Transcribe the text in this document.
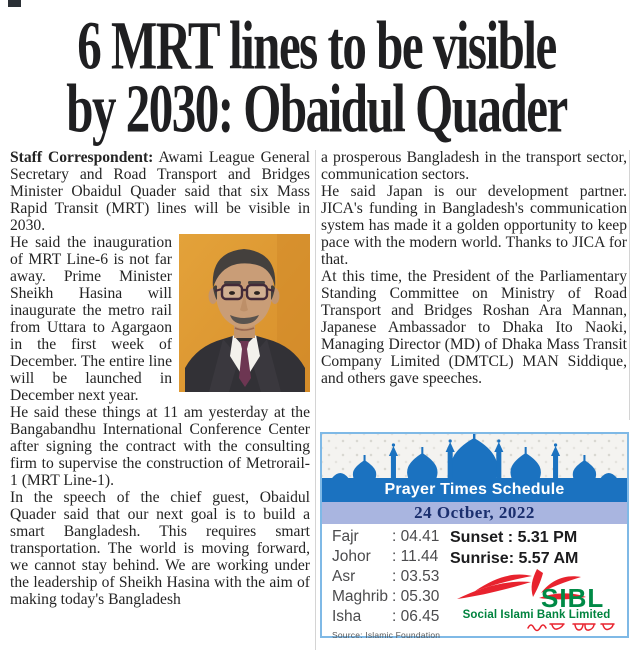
6 MRT lines to be visible
by 2030: Obaidul Quader

Staff Correspondent: Awami League General Secretary and Road Transport and Bridges Minister Obaidul Quader said that six Mass Rapid Transit (MRT) lines will be visible in 2030.

He said the inauguration of MRT Line-6 is not far away. Prime Minister Sheikh Hasina will inaugurate the metro rail from Uttara to Agargaon in the first week of December. The entire line will be launched in December next year.

He said these things at 11 am yesterday at the Bangabandhu International Conference Center after signing the contract with the consulting firm to supervise the construction of Metrorail-1 (MRT Line-1).

In the speech of the chief guest, Obaidul Quader said that our next goal is to build a smart Bangladesh. This requires smart transportation. The world is moving forward, we cannot stay behind. We are working under the leadership of Sheikh Hasina with the aim of making today's Bangladesh

a prosperous Bangladesh in the transport sector, communication sectors.

He said Japan is our development partner. JICA's funding in Bangladesh's communication system has made it a golden opportunity to keep pace with the modern world. Thanks to JICA for that.

At this time, the President of the Parliamentary Standing Committee on Ministry of Road Transport and Bridges Roshan Ara Mannan, Japanese Ambassador to Dhaka Ito Naoki, Managing Director (MD) of Dhaka Mass Transit Company Limited (DMTCL) MAN Siddique, and others gave speeches.

Prayer Times Schedule
24 Octber, 2022
Fajr	: 04.41
Johor	: 11.44
Asr	: 03.53
Maghrib : 05.30
Isha	: 06.45
Source: Islamic Foundation
Sunset : 5.31 PM
Sunrise: 5.57 AM
SIBL
Social Islami Bank Limited
